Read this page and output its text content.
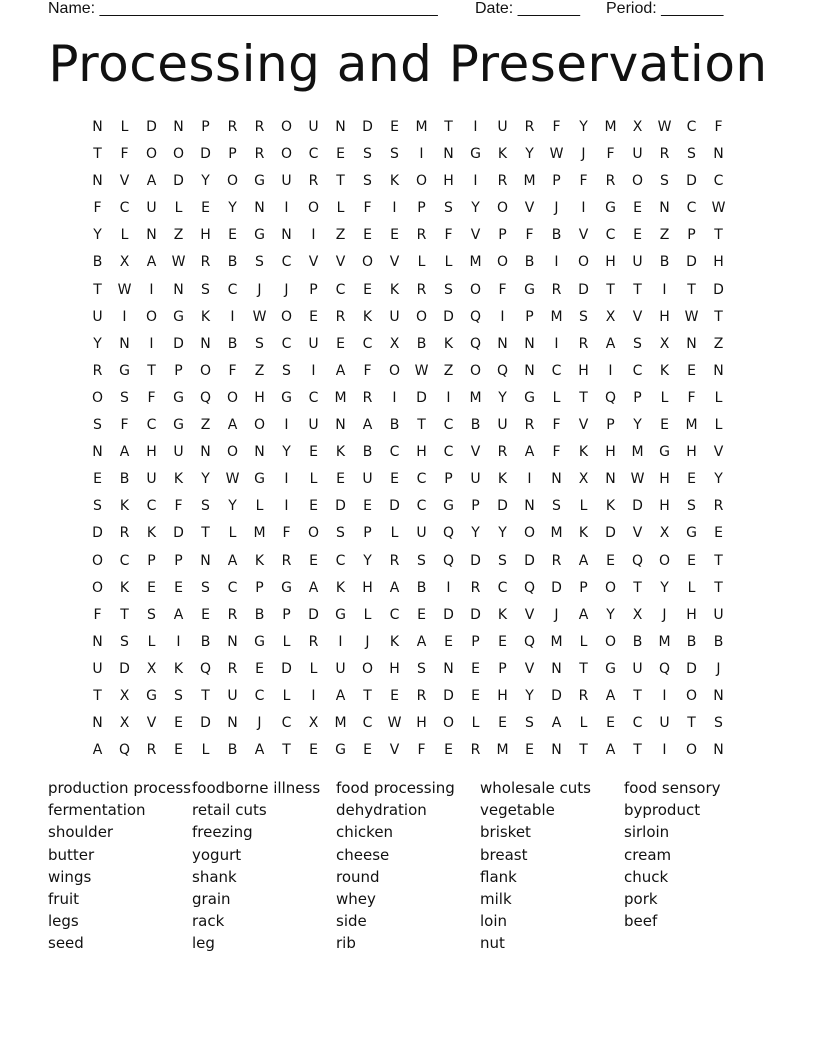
Name: ______________________________________ Date: _______ Period: _______
Processing and Preservation
N	L	D	N	P	R	R	O	U	N	D	E	M	T	I	U	R	F	Y	M	X	W	C	F
T	F	O	O	D	P	R	O	C	E	S	S	I	N	G	K	Y	W	J	F	U	R	S	N
N	V	A	D	Y	O	G	U	R	T	S	K	O	H	I	R	M	P	F	R	O	S	D	C
F	C	U	L	E	Y	N	I	O	L	F	I	P	S	Y	O	V	J	I	G	E	N	C	W
Y	L	N	Z	H	E	G	N	I	Z	E	E	R	F	V	P	F	B	V	C	E	Z	P	T
B	X	A	W	R	B	S	C	V	V	O	V	L	L	M	O	B	I	O	H	U	B	D	H
T	W	I	N	S	C	J	J	P	C	E	K	R	S	O	F	G	R	D	T	T	I	T	D
U	I	O	G	K	I	W	O	E	R	K	U	O	D	Q	I	P	M	S	X	V	H	W	T
Y	N	I	D	N	B	S	C	U	E	C	X	B	K	Q	N	N	I	R	A	S	X	N	Z
R	G	T	P	O	F	Z	S	I	A	F	O	W	Z	O	Q	N	C	H	I	C	K	E	N
O	S	F	G	Q	O	H	G	C	M	R	I	D	I	M	Y	G	L	T	Q	P	L	F	L
S	F	C	G	Z	A	O	I	U	N	A	B	T	C	B	U	R	F	V	P	Y	E	M	L
N	A	H	U	N	O	N	Y	E	K	B	C	H	C	V	R	A	F	K	H	M	G	H	V
E	B	U	K	Y	W	G	I	L	E	U	E	C	P	U	K	I	N	X	N	W	H	E	Y
S	K	C	F	S	Y	L	I	E	D	E	D	C	G	P	D	N	S	L	K	D	H	S	R
D	R	K	D	T	L	M	F	O	S	P	L	U	Q	Y	Y	O	M	K	D	V	X	G	E
O	C	P	P	N	A	K	R	E	C	Y	R	S	Q	D	S	D	R	A	E	Q	O	E	T
O	K	E	E	S	C	P	G	A	K	H	A	B	I	R	C	Q	D	P	O	T	Y	L	T
F	T	S	A	E	R	B	P	D	G	L	C	E	D	D	K	V	J	A	Y	X	J	H	U
N	S	L	I	B	N	G	L	R	I	J	K	A	E	P	E	Q	M	L	O	B	M	B	B
U	D	X	K	Q	R	E	D	L	U	O	H	S	N	E	P	V	N	T	G	U	Q	D	J
T	X	G	S	T	U	C	L	I	A	T	E	R	D	E	H	Y	D	R	A	T	I	O	N
N	X	V	E	D	N	J	C	X	M	C	W	H	O	L	E	S	A	L	E	C	U	T	S
A	Q	R	E	L	B	A	T	E	G	E	V	F	E	R	M	E	N	T	A	T	I	O	N
production process
fermentation
shoulder
butter
wings
fruit
legs
seed
foodborne illness
retail cuts
freezing
yogurt
shank
grain
rack
leg
food processing
dehydration
chicken
cheese
round
whey
side
rib
wholesale cuts
vegetable
brisket
breast
flank
milk
loin
nut
food sensory
byproduct
sirloin
cream
chuck
pork
beef
